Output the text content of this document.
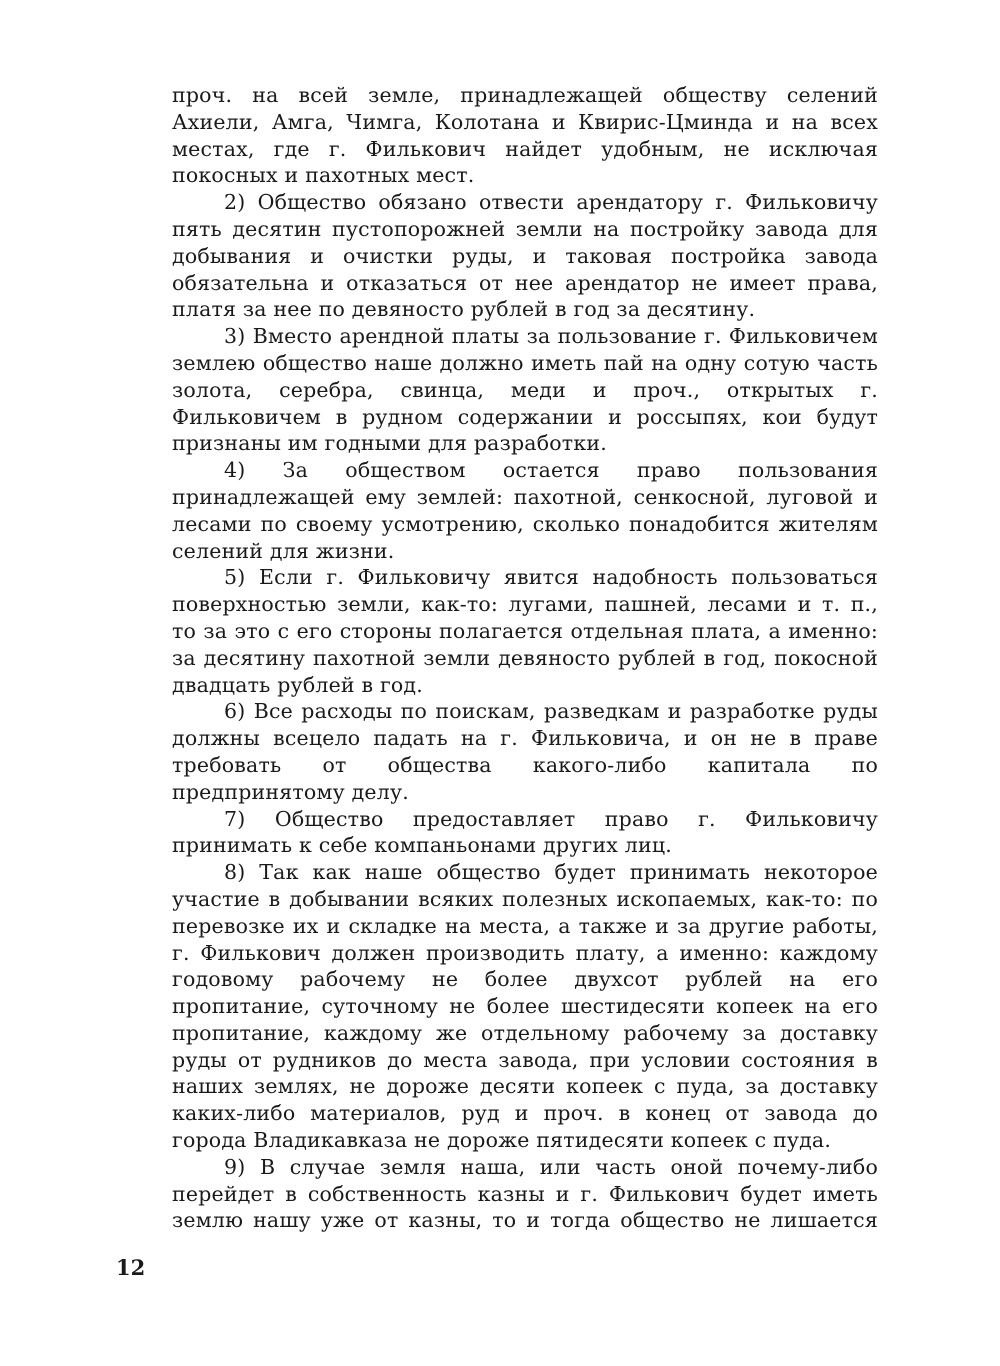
проч. на всей земле, принадлежащей обществу селений Ахиели, Амга, Чимга, Колотана и Квирис-Цминда и на всех местах, где г. Филькович найдет удобным, не исключая покосных и пахотных мест.

2) Общество обязано отвести арендатору г. Фильковичу пять десятин пустопорожней земли на постройку завода для добывания и очистки руды, и таковая постройка завода обязательна и отказаться от нее арендатор не имеет права, платя за нее по девяносто рублей в год за десятину.

3) Вместо арендной платы за пользование г. Фильковичем землею общество наше должно иметь пай на одну сотую часть золота, серебра, свинца, меди и проч., открытых г. Фильковичем в рудном содержании и россыпях, кои будут признаны им годными для разработки.

4) За обществом остается право пользования принадлежащей ему землей: пахотной, сенкосной, луговой и лесами по своему усмотрению, сколько понадобится жителям селений для жизни.

5) Если г. Фильковичу явится надобность пользоваться поверхностью земли, как-то: лугами, пашней, лесами и т. п., то за это с его стороны полагается отдельная плата, а именно: за десятину пахотной земли девяносто рублей в год, покосной двадцать рублей в год.

6) Все расходы по поискам, разведкам и разработке руды должны всецело падать на г. Фильковича, и он не в праве требовать от общества какого-либо капитала по предпринятому делу.

7) Общество предоставляет право г. Фильковичу принимать к себе компаньонами других лиц.

8) Так как наше общество будет принимать некоторое участие в добывании всяких полезных ископаемых, как-то: по перевозке их и складке на места, а также и за другие работы, г. Филькович должен производить плату, а именно: каждому годовому рабочему не более двухсот рублей на его пропитание, суточному не более шестидесяти копеек на его пропитание, каждому же отдельному рабочему за доставку руды от рудников до места завода, при условии состояния в наших землях, не дороже десяти копеек с пуда, за доставку каких-либо материалов, руд и проч. в конец от завода до города Владикавказа не дороже пятидесяти копеек с пуда.

9) В случае земля наша, или часть оной почему-либо перейдет в собственность казны и г. Филькович будет иметь землю нашу уже от казны, то и тогда общество не лишается

12
